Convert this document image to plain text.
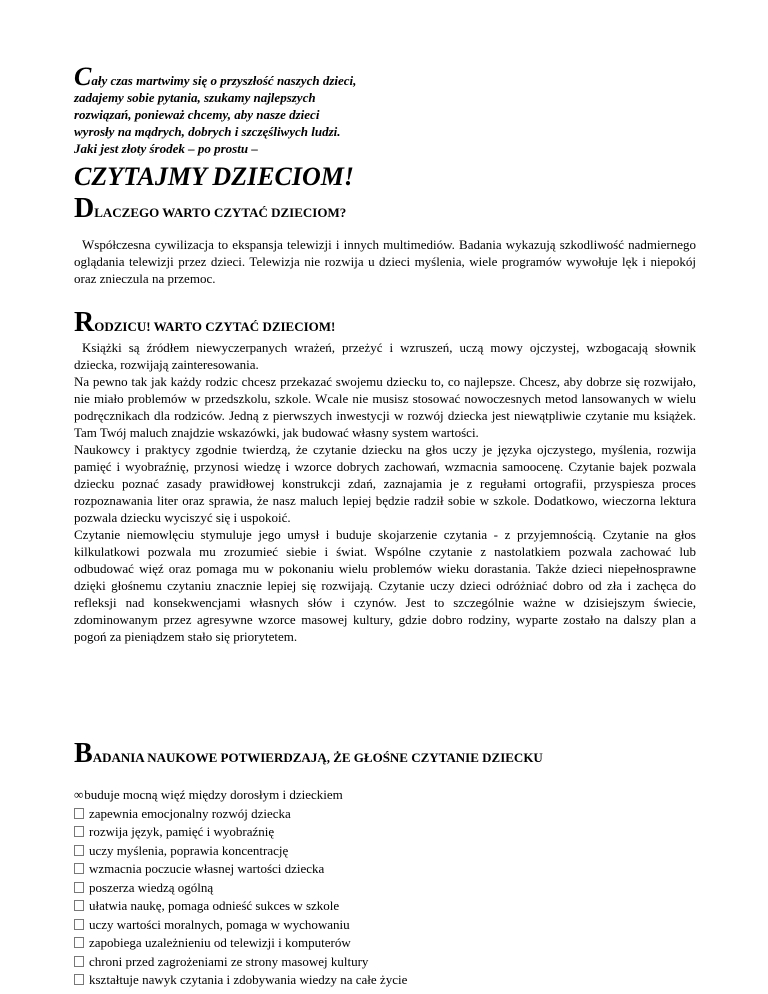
Cały czas martwimy się o przyszłość naszych dzieci,
zadajemy sobie pytania, szukamy najlepszych
rozwiązań, ponieważ chcemy, aby nasze dzieci
wyrosły na mądrych, dobrych i szczęśliwych ludzi.
Jaki jest złoty środek – po prostu –
CZYTAJMY DZIECIOM!
DLACZEGO WARTO CZYTAĆ DZIECIOM?

Współczesna cywilizacja to ekspansja telewizji i innych multimediów. Badania wykazują szkodliwość nadmiernego oglądania telewizji przez dzieci. Telewizja nie rozwija u dzieci myślenia, wiele programów wywołuje lęk i niepokój oraz znieczula na przemoc.

RODZICU! WARTO CZYTAĆ DZIECIOM!

Książki są źródłem niewyczerpanych wrażeń, przeżyć i wzruszeń, uczą mowy ojczystej, wzbogacają słownik dziecka, rozwijają zainteresowania.

Na pewno tak jak każdy rodzic chcesz przekazać swojemu dziecku to, co najlepsze. Chcesz, aby dobrze się rozwijało, nie miało problemów w przedszkolu, szkole. Wcale nie musisz stosować nowoczesnych metod lansowanych w wielu podręcznikach dla rodziców. Jedną z pierwszych inwestycji w rozwój dziecka jest niewątpliwie czytanie mu książek. Tam Twój maluch znajdzie wskazówki, jak budować własny system wartości.

Naukowcy i praktycy zgodnie twierdzą, że czytanie dziecku na głos uczy je języka ojczystego, myślenia, rozwija pamięć i wyobraźnię, przynosi wiedzę i wzorce dobrych zachowań, wzmacnia samoocenę. Czytanie bajek pozwala dziecku poznać zasady prawidłowej konstrukcji zdań, zaznajamia je z regułami ortografii, przyspiesza proces rozpoznawania liter oraz sprawia, że nasz maluch lepiej będzie radził sobie w szkole. Dodatkowo, wieczorna lektura pozwala dziecku wyciszyć się i uspokoić.

Czytanie niemowlęciu stymuluje jego umysł i buduje skojarzenie czytania - z przyjemnością. Czytanie na głos kilkulatkowi pozwala mu zrozumieć siebie i świat. Wspólne czytanie z nastolatkiem pozwala zachować lub odbudować więź oraz pomaga mu w pokonaniu wielu problemów wieku dorastania. Także dzieci niepełnosprawne dzięki głośnemu czytaniu znacznie lepiej się rozwijają. Czytanie uczy dzieci odróżniać dobro od zła i zachęca do refleksji nad konsekwencjami własnych słów i czynów. Jest to szczególnie ważne w dzisiejszym świecie, zdominowanym przez agresywne wzorce masowej kultury, gdzie dobro rodziny, wyparte zostało na dalszy plan a pogoń za pieniądzem stało się priorytetem.

BADANIA NAUKOWE POTWIERDZAJĄ, ŻE GŁOŚNE CZYTANIE DZIECKU
∞buduje mocną więź między dorosłym i dzieckiem
zapewnia emocjonalny rozwój dziecka
rozwija język, pamięć i wyobraźnię
uczy myślenia, poprawia koncentrację
wzmacnia poczucie własnej wartości dziecka
poszerza wiedzą ogólną
ułatwia naukę, pomaga odnieść sukces w szkole
uczy wartości moralnych, pomaga w wychowaniu
zapobiega uzależnieniu od telewizji i komputerów
chroni przed zagrożeniami ze strony masowej kultury
kształtuje nawyk czytania i zdobywania wiedzy na całe życie
